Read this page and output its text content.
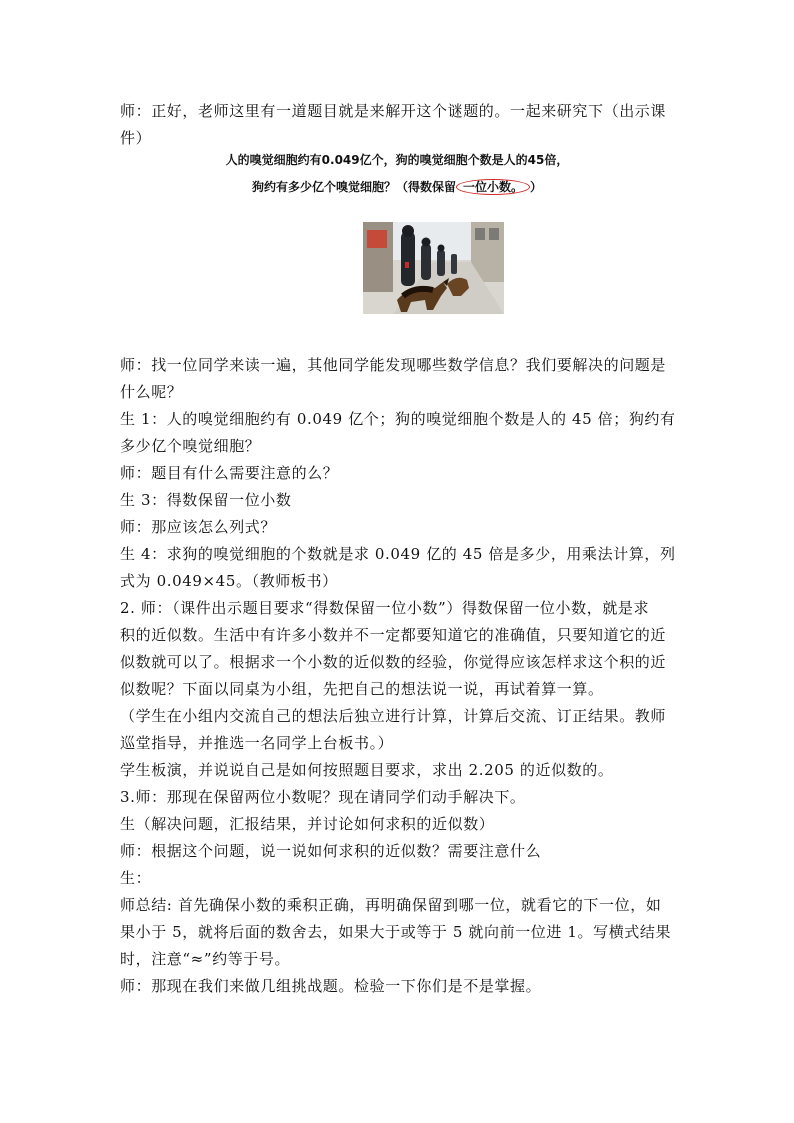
师：正好，老师这里有一道题目就是来解开这个谜题的。一起来研究下（出示课
件）
人的嗅觉细胞约有0.049亿个，狗的嗅觉细胞个数是人的45倍，
狗约有多少亿个嗅觉细胞？（得数保留 一位小数。 ）
师：找一位同学来读一遍，其他同学能发现哪些数学信息？我们要解决的问题是
什么呢？
生 1：人的嗅觉细胞约有 0.049 亿个；狗的嗅觉细胞个数是人的 45 倍；狗约有
多少亿个嗅觉细胞？
师：题目有什么需要注意的么？
生 3：得数保留一位小数
师：那应该怎么列式？
生 4：求狗的嗅觉细胞的个数就是求 0.049 亿的 45 倍是多少，用乘法计算，列
式为 0.049×45。（教师板书）
2. 师：（课件出示题目要求“得数保留一位小数”）得数保留一位小数，就是求
积的近似数。生活中有许多小数并不一定都要知道它的准确值，只要知道它的近
似数就可以了。根据求一个小数的近似数的经验，你觉得应该怎样求这个积的近
似数呢？下面以同桌为小组，先把自己的想法说一说，再试着算一算。
（学生在小组内交流自己的想法后独立进行计算，计算后交流、订正结果。教师
巡堂指导，并推选一名同学上台板书。）
学生板演，并说说自己是如何按照题目要求，求出 2.205 的近似数的。
3.师：那现在保留两位小数呢？现在请同学们动手解决下。
生（解决问题，汇报结果，并讨论如何求积的近似数）
师：根据这个问题，说一说如何求积的近似数？需要注意什么
生：
师总结: 首先确保小数的乘积正确，再明确保留到哪一位，就看它的下一位，如
果小于 5，就将后面的数舍去，如果大于或等于 5 就向前一位进 1。写横式结果
时，注意“≈”约等于号。
师：那现在我们来做几组挑战题。检验一下你们是不是掌握。
